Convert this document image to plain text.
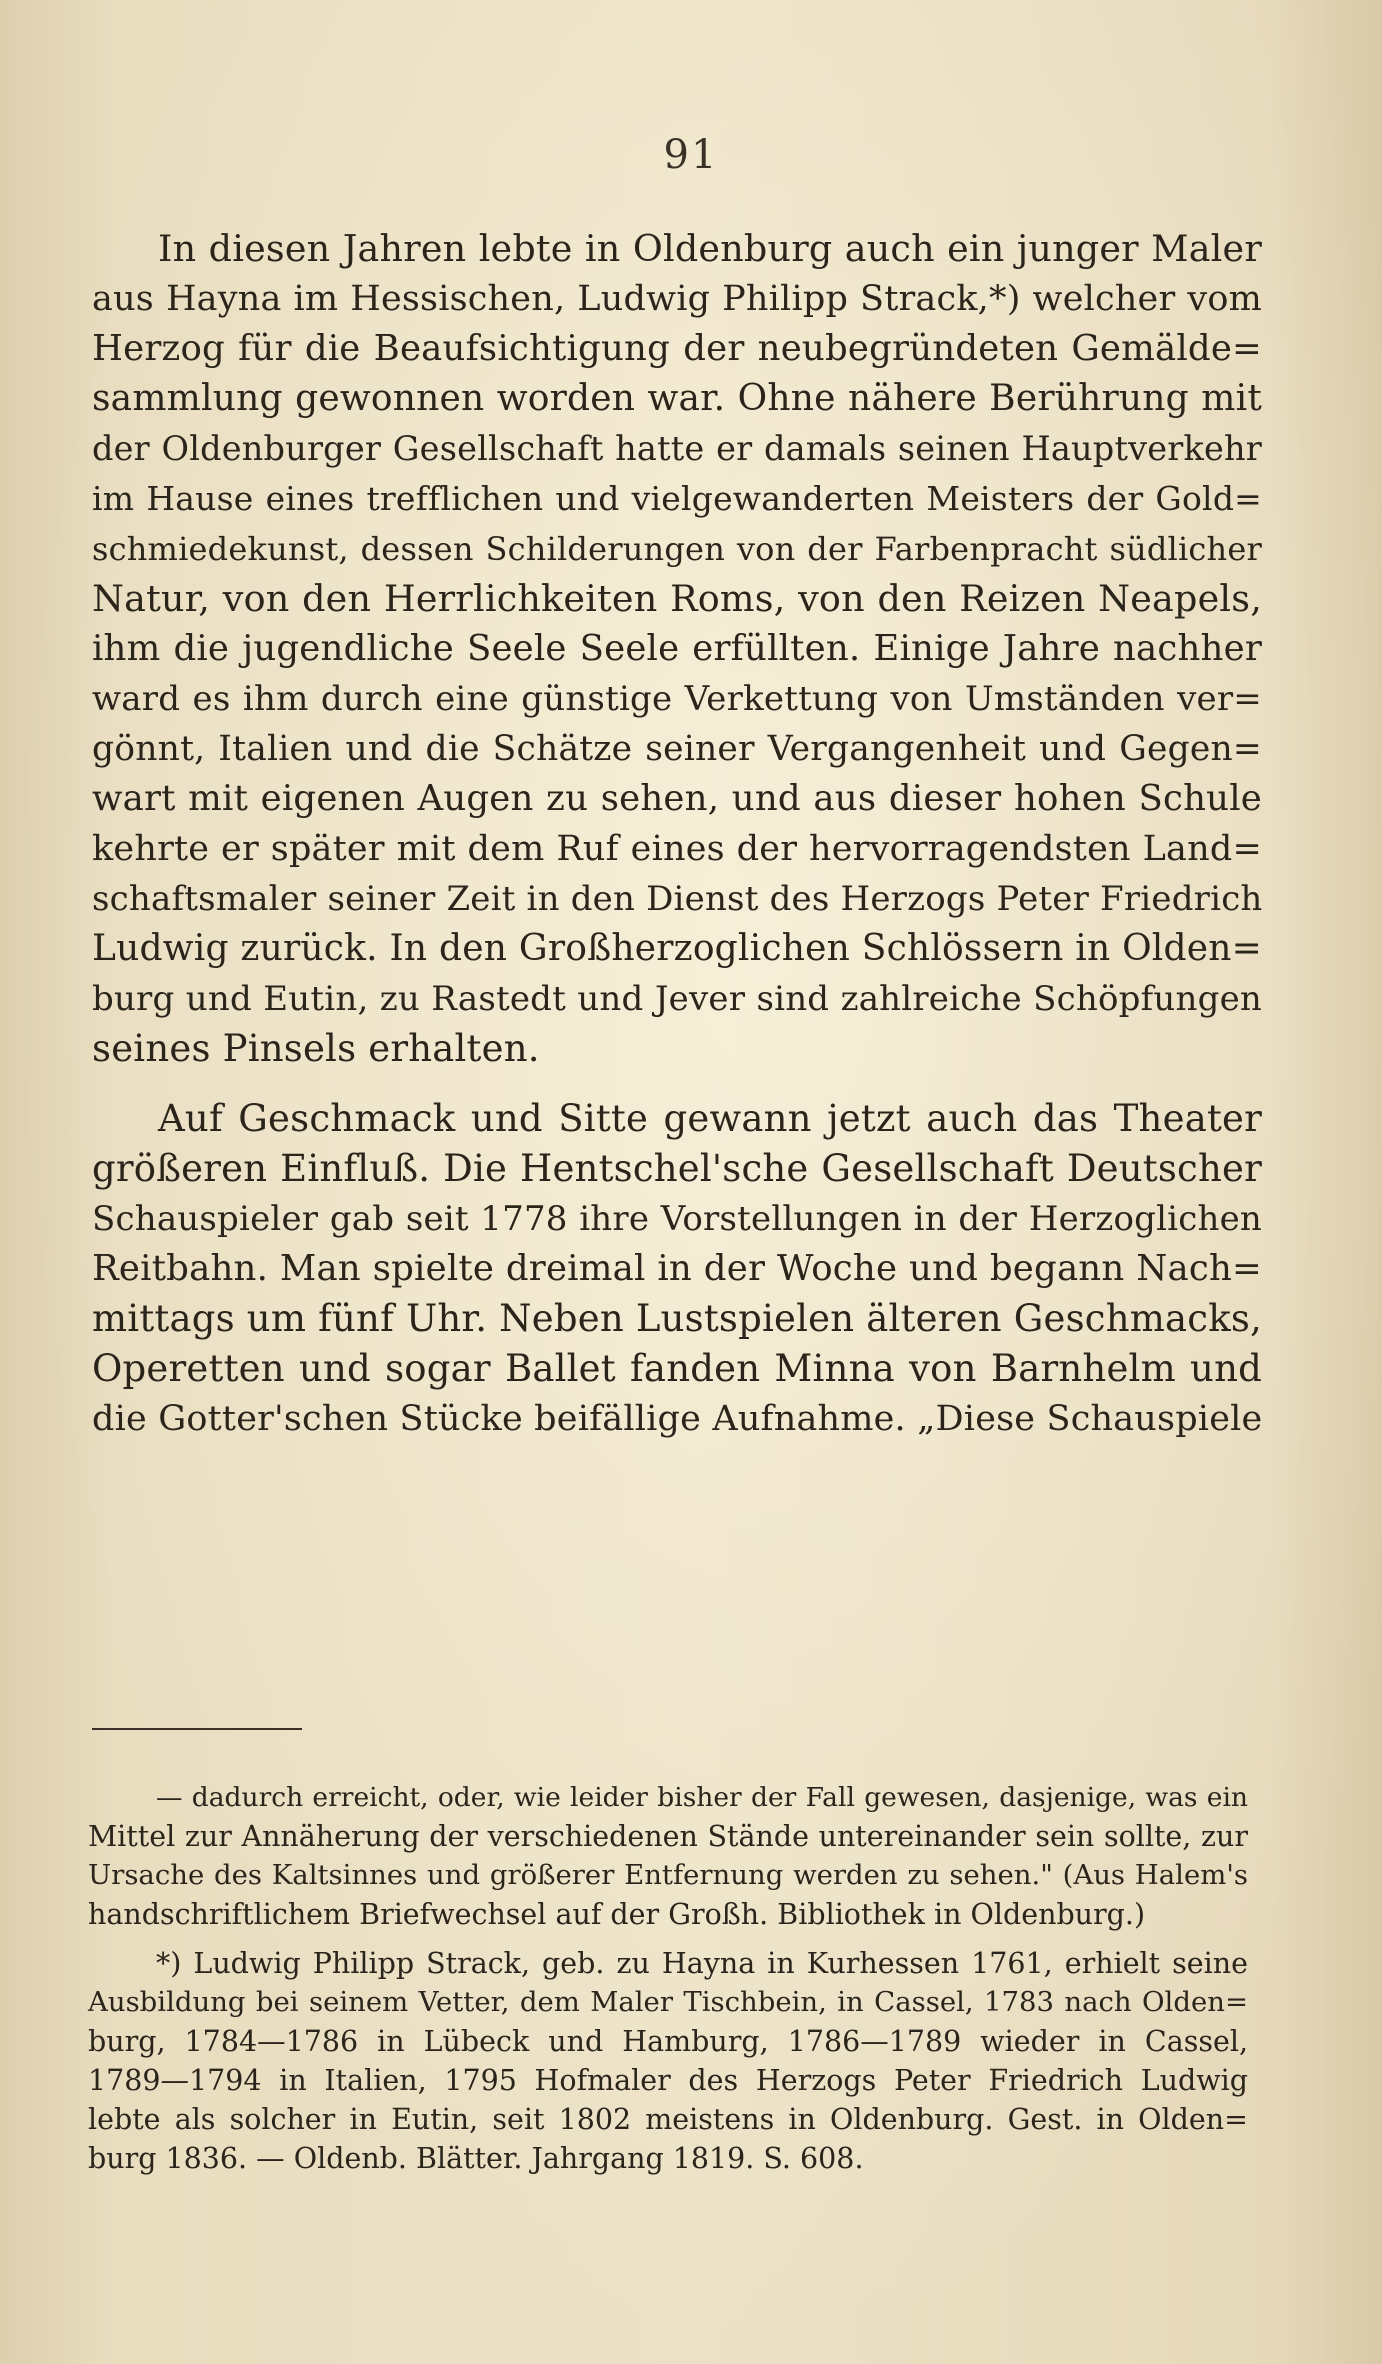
91
In diesen Jahren lebte in Oldenburg auch ein junger Maler
aus Hayna im Hessischen, Ludwig Philipp Strack,*) welcher vom
Herzog für die Beaufsichtigung der neubegründeten Gemälde=
sammlung gewonnen worden war. Ohne nähere Berührung mit
der Oldenburger Gesellschaft hatte er damals seinen Hauptverkehr
im Hause eines trefflichen und vielgewanderten Meisters der Gold=
schmiedekunst, dessen Schilderungen von der Farbenpracht südlicher
Natur, von den Herrlichkeiten Roms, von den Reizen Neapels,
ihm die jugendliche Seele Seele erfüllten. Einige Jahre nachher
ward es ihm durch eine günstige Verkettung von Umständen ver=
gönnt, Italien und die Schätze seiner Vergangenheit und Gegen=
wart mit eigenen Augen zu sehen, und aus dieser hohen Schule
kehrte er später mit dem Ruf eines der hervorragendsten Land=
schaftsmaler seiner Zeit in den Dienst des Herzogs Peter Friedrich
Ludwig zurück. In den Großherzoglichen Schlössern in Olden=
burg und Eutin, zu Rastedt und Jever sind zahlreiche Schöpfungen
seines Pinsels erhalten.
Auf Geschmack und Sitte gewann jetzt auch das Theater
größeren Einfluß. Die Hentschel'sche Gesellschaft Deutscher
Schauspieler gab seit 1778 ihre Vorstellungen in der Herzoglichen
Reitbahn. Man spielte dreimal in der Woche und begann Nach=
mittags um fünf Uhr. Neben Lustspielen älteren Geschmacks,
Operetten und sogar Ballet fanden Minna von Barnhelm und
die Gotter'schen Stücke beifällige Aufnahme. „Diese Schauspiele
— dadurch erreicht, oder, wie leider bisher der Fall gewesen, dasjenige, was ein
Mittel zur Annäherung der verschiedenen Stände untereinander sein sollte, zur
Ursache des Kaltsinnes und größerer Entfernung werden zu sehen." (Aus Halem's
handschriftlichem Briefwechsel auf der Großh. Bibliothek in Oldenburg.)
*) Ludwig Philipp Strack, geb. zu Hayna in Kurhessen 1761, erhielt seine
Ausbildung bei seinem Vetter, dem Maler Tischbein, in Cassel, 1783 nach Olden=
burg, 1784—1786 in Lübeck und Hamburg, 1786—1789 wieder in Cassel,
1789—1794 in Italien, 1795 Hofmaler des Herzogs Peter Friedrich Ludwig
lebte als solcher in Eutin, seit 1802 meistens in Oldenburg. Gest. in Olden=
burg 1836. — Oldenb. Blätter. Jahrgang 1819. S. 608.
